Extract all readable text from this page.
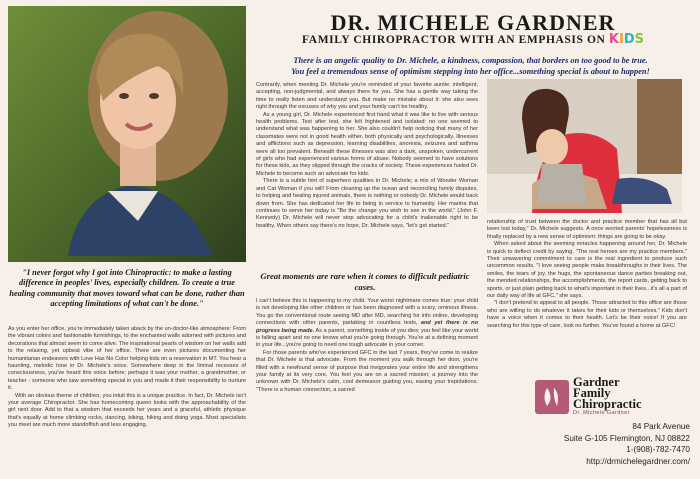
DR. MICHELE GARDNER
FAMILY CHIROPRACTOR WITH AN EMPHASIS ON KIDS
There is an angelic quality to Dr. Michele, a kindness, compassion, that borders on too good to be true.
You feel a tremendous sense of optimism stepping into her office...something special is about to happen!
"I never forgot why I got into Chiropractic: to make a lasting difference in peoples' lives, especially children. To create a true healing community that moves toward what can be done, rather than accepting limitations of what can't be done."

As you enter her office, you're immediately taken aback by the un-doctor-like atmosphere: From the vibrant colors and fashionable furnishings, to the enchanted walls adorned with pictures and decorations that almost seem to come alive. The inspirational pearls of wisdom on her walls add to the relaxing, yet upbeat vibe of her office. There are even pictures documenting her humanitarian endeavors with Love Has No Color helping kids on a reservation in MT. You hear a haunting, melodic tone in Dr. Michele's voice. Somewhere deep in the liminal recesses of consciousness, you've heard this voice before; perhaps it was your mother, a grandmother, or teacher - someone who saw something special in you and made it their responsibility to nurture it.

With an obvious theme of children, you intuit this is a unique practice. In fact, Dr. Michele isn't your average Chiropractor. She has homecoming queen looks with the approachability of the girl next door. Add to that a wisdom that exceeds her years and a graceful, athletic physique that's equally at home climbing rocks, dancing, biking, hiking and doing yoga. Most specialists you meet are much more standoffish and less engaging.

Contrarily, when meeting Dr. Michele you're reminded of your favorite auntie: intelligent, accepting, non-judgmental, and always there for you. She has a gentle way taking the time to really listen and understand you. But make no mistake about it: she also sees right through the excuses of why you and your family can't be healthy.

As a young girl, Dr. Michele experienced first hand what it was like to live with serious health problems. Test after test, she felt frightened and isolated: no one seemed to understand what was happening to her. She also couldn't help noticing that many of her classmates were not in good health either, both physically and psychologically. Illnesses and afflictions such as depression, learning disabilities, anorexia, seizures and asthma were all too prevalent. Beneath these illnesses was also a dark, unspoken, undercurrent of girls who had experienced various forms of abuse. Nobody seemed to have solutions for these kids, as they slipped through the cracks of society. These experiences fueled Dr. Michele to become such an advocate for kids.

There is a subtle hint of superhero qualities in Dr. Michele; a mix of Wonder Woman and Cat Woman if you will! From cleaning up the ocean and reconciling family disputes, to helping and healing injured animals, there is nothing or nobody Dr. Michele would back down from. She has dedicated her life to being in service to humanity. Her mantra that continues to serve her today is "Be the change you wish to see in the world." (John F. Kennedy) Dr. Michele will never stop advocating for a child's inalienable right to be healthy. When others say there's no hope, Dr. Michele says, "let's get started."

Great moments are rare when it comes to difficult pediatric cases.

I can't believe this is happening to my child. Your worst nightmare comes true: your child is not developing like other children or has been diagnosed with a scary, ominous illness. You go the conventional route seeing MD after MD, searching for info online, developing connections with other parents, partaking in countless tests, and yet there is no progress being made. As a parent, something inside of you dies; you feel like your world is falling apart and no one knows what you're going through. You're at a defining moment in your life...you're going to need one tough advocate in your corner.

For those parents who've experienced GFC in the last 7 years, they've come to realize that Dr. Michele is that advocate. From the moment you walk through her door, you're filled with a newfound sense of purpose that invigorates your entire life and strengthens your family at its very core. You feel you are on a sacred mission; a journey into the unknown with Dr. Michele's calm, cool demeanor guiding you, easing your trepidations. "There is a human connection, a sacred

relationship of trust between the doctor and practice member that has all but been lost today," Dr. Michele suggests. A once worried parents' hopelessness is finally replaced by a new sense of optimism: things are going to be okay.

When asked about the seeming miracles happening around her, Dr. Michele is quick to deflect credit by saying, "The real heroes are my practice members." Their unwavering commitment to care is the real ingredient to produce such uncommon results. "I love seeing people make breakthroughs in their lives. The smiles, the tears of joy, the hugs, the spontaneous dance parties breaking out, the mended relationships, the accomplishments, the report cards, getting back to sports, or just plain getting back to what's important in their lives...it's all a part of our daily way of life at GFC," she says.

"I don't pretend to appeal to all people. Those attracted to this office are those who are willing to do whatever it takes for their kids or themselves." Kids don't have a voice when it comes to their health. Let's be their voice! If you are searching for this type of care, look no further. You've found a home at GFC!

Gardner
Family
Chiropractic
Dr. Michele Gardner
84 Park Avenue
Suite G-105 Flemington, NJ 08822
1-(908)-782-7470
http://drmichelegardner.com/
